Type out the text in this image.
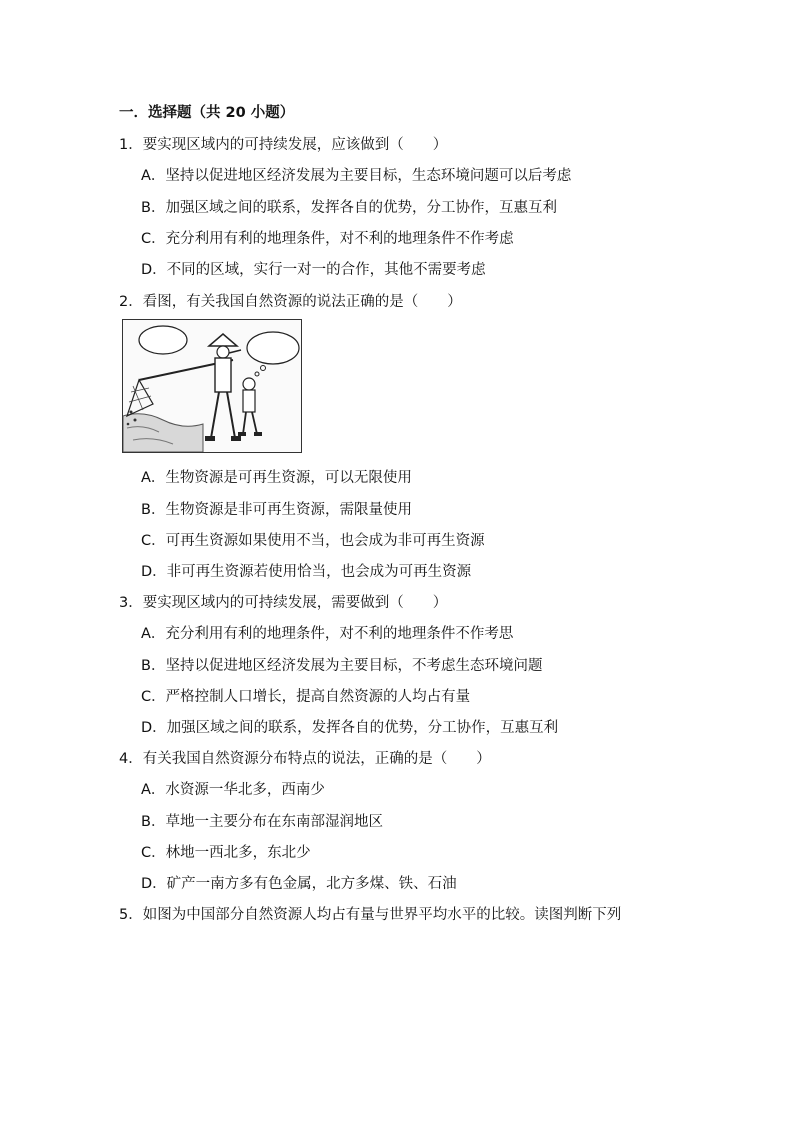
一．选择题（共 20 小题）
1．要实现区域内的可持续发展，应该做到（　　）
A．坚持以促进地区经济发展为主要目标，生态环境问题可以后考虑
B．加强区域之间的联系，发挥各自的优势，分工协作，互惠互利
C．充分利用有利的地理条件，对不利的地理条件不作考虑
D．不同的区域，实行一对一的合作，其他不需要考虑
2．看图，有关我国自然资源的说法正确的是（　　）
A．生物资源是可再生资源，可以无限使用
B．生物资源是非可再生资源，需限量使用
C．可再生资源如果使用不当，也会成为非可再生资源
D．非可再生资源若使用恰当，也会成为可再生资源
3．要实现区域内的可持续发展，需要做到（　　）
A．充分利用有利的地理条件，对不利的地理条件不作考思
B．坚持以促进地区经济发展为主要目标，不考虑生态环境问题
C．严格控制人口增长，提高自然资源的人均占有量
D．加强区域之间的联系，发挥各自的优势，分工协作，互惠互利
4．有关我国自然资源分布特点的说法，正确的是（　　）
A．水资源一华北多，西南少
B．草地一主要分布在东南部湿润地区
C．林地一西北多，东北少
D．矿产一南方多有色金属，北方多煤、铁、石油
5．如图为中国部分自然资源人均占有量与世界平均水平的比较。读图判断下列
